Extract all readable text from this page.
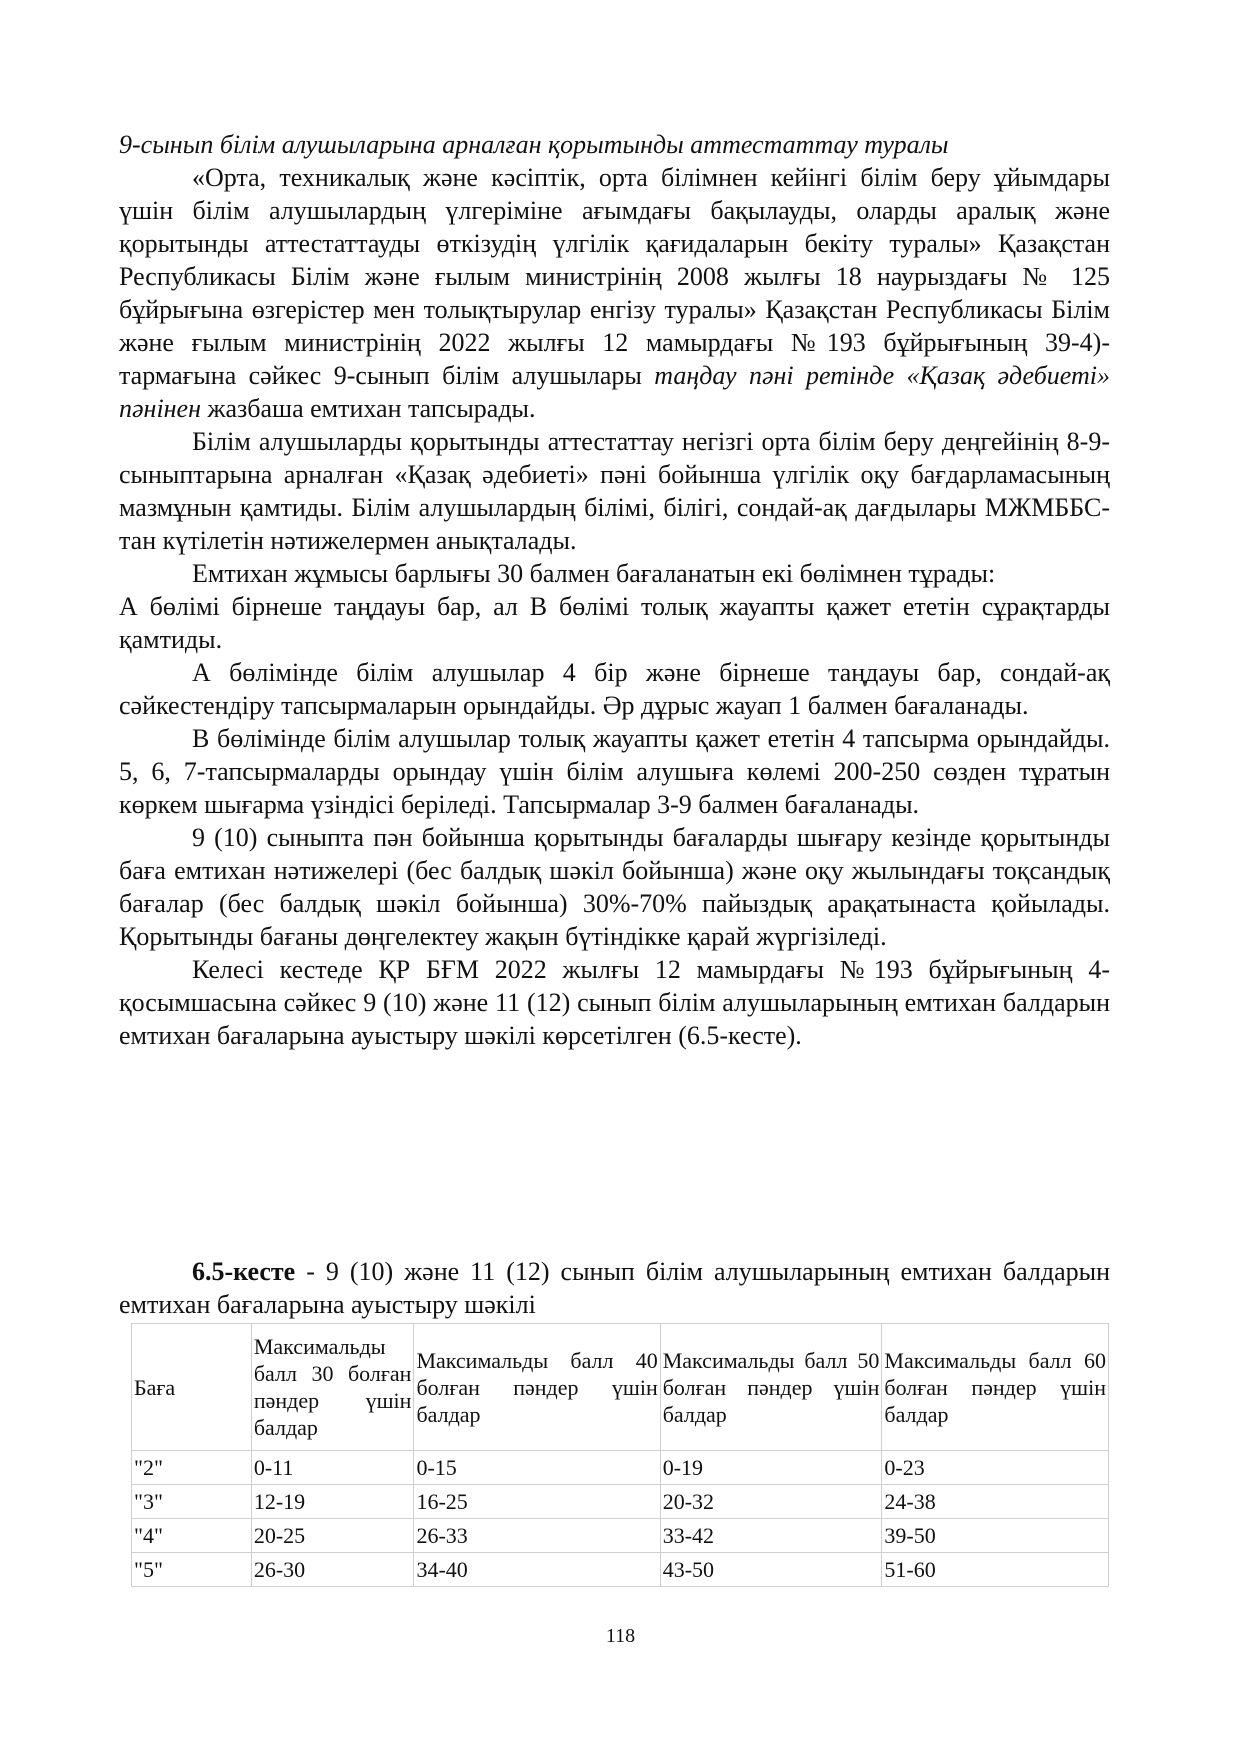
9-сынып білім алушыларына арналған қорытынды аттестаттау туралы

«Орта, техникалық және кәсіптік, орта білімнен кейінгі білім беру ұйымдары үшін білім алушылардың үлгеріміне ағымдағы бақылауды, оларды аралық және қорытынды аттестаттауды өткізудің үлгілік қағидаларын бекіту туралы» Қазақстан Республикасы Білім және ғылым министрінің 2008 жылғы 18 наурыздағы № 125 бұйрығына өзгерістер мен толықтырулар енгізу туралы» Қазақстан Республикасы Білім және ғылым министрінің 2022 жылғы 12 мамырдағы №193 бұйрығының 39-4)-тармағына сәйкес 9-сынып білім алушылары таңдау пәні ретінде «Қазақ әдебиеті» пәнінен жазбаша емтихан тапсырады.

Білім алушыларды қорытынды аттестаттау негізгі орта білім беру деңгейінің 8-9-сыныптарына арналған «Қазақ әдебиеті» пәні бойынша үлгілік оқу бағдарламасының мазмұнын қамтиды. Білім алушылардың білімі, білігі, сондай-ақ дағдылары МЖМББС-тан күтілетін нәтижелермен анықталады.

Емтихан жұмысы барлығы 30 балмен бағаланатын екі бөлімнен тұрады:

А бөлімі бірнеше таңдауы бар, ал В бөлімі толық жауапты қажет ететін сұрақтарды қамтиды.

А бөлімінде білім алушылар 4 бір және бірнеше таңдауы бар, сондай-ақ сәйкестендіру тапсырмаларын орындайды. Әр дұрыс жауап 1 балмен бағаланады.

В бөлімінде білім алушылар толық жауапты қажет ететін 4 тапсырма орындайды. 5, 6, 7-тапсырмаларды орындау үшін білім алушыға көлемі 200-250 сөзден тұратын көркем шығарма үзіндісі беріледі. Тапсырмалар 3-9 балмен бағаланады.

9 (10) сыныпта пән бойынша қорытынды бағаларды шығару кезінде қорытынды баға емтихан нәтижелері (бес балдық шәкіл бойынша) және оқу жылындағы тоқсандық бағалар (бес балдық шәкіл бойынша) 30%-70% пайыздық арақатынаста қойылады. Қорытынды бағаны дөңгелектеу жақын бүтіндікке қарай жүргізіледі.

Келесі кестеде ҚР БҒМ 2022 жылғы 12 мамырдағы №193 бұйрығының 4-қосымшасына сәйкес 9 (10) және 11 (12) сынып білім алушыларының емтихан балдарын емтихан бағаларына ауыстыру шәкілі көрсетілген (6.5-кесте).

6.5-кесте - 9 (10) және 11 (12) сынып білім алушыларының емтихан балдарын емтихан бағаларына ауыстыру шәкілі

Баға	Максимальды балл 30 болған пәндер үшін балдар	Максимальды балл 40 болған пәндер үшін балдар	Максимальды балл 50 болған пәндер үшін балдар	Максимальды балл 60 болған пәндер үшін балдар
"2"	0-11	0-15	0-19	0-23
"3"	12-19	16-25	20-32	24-38
"4"	20-25	26-33	33-42	39-50
"5"	26-30	34-40	43-50	51-60
118
